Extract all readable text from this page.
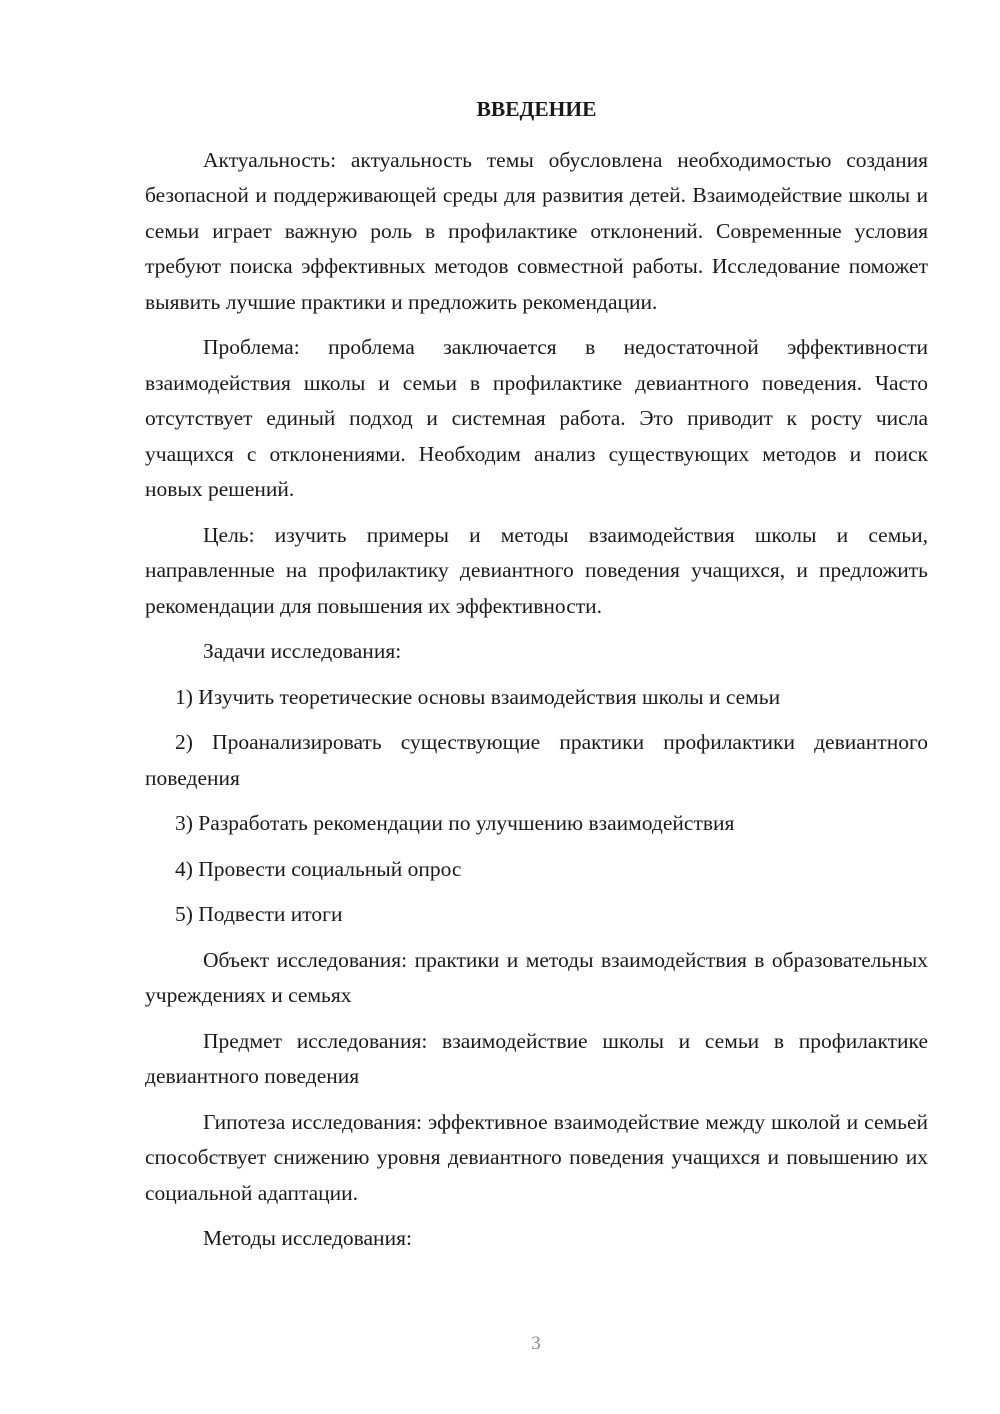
ВВЕДЕНИЕ

Актуальность: актуальность темы обусловлена необходимостью создания безопасной и поддерживающей среды для развития детей. Взаимодействие школы и семьи играет важную роль в профилактике отклонений. Современные условия требуют поиска эффективных методов совместной работы. Исследование поможет выявить лучшие практики и предложить рекомендации.

Проблема: проблема заключается в недостаточной эффективности взаимодействия школы и семьи в профилактике девиантного поведения. Часто отсутствует единый подход и системная работа. Это приводит к росту числа учащихся с отклонениями. Необходим анализ существующих методов и поиск новых решений.

Цель: изучить примеры и методы взаимодействия школы и семьи, направленные на профилактику девиантного поведения учащихся, и предложить рекомендации для повышения их эффективности.

Задачи исследования:

1) Изучить теоретические основы взаимодействия школы и семьи

2) Проанализировать существующие практики профилактики девиантного поведения

3) Разработать рекомендации по улучшению взаимодействия

4) Провести социальный опрос

5) Подвести итоги

Объект исследования: практики и методы взаимодействия в образовательных учреждениях и семьях

Предмет исследования: взаимодействие школы и семьи в профилактике девиантного поведения

Гипотеза исследования: эффективное взаимодействие между школой и семьей способствует снижению уровня девиантного поведения учащихся и повышению их социальной адаптации.

Методы исследования:

3
